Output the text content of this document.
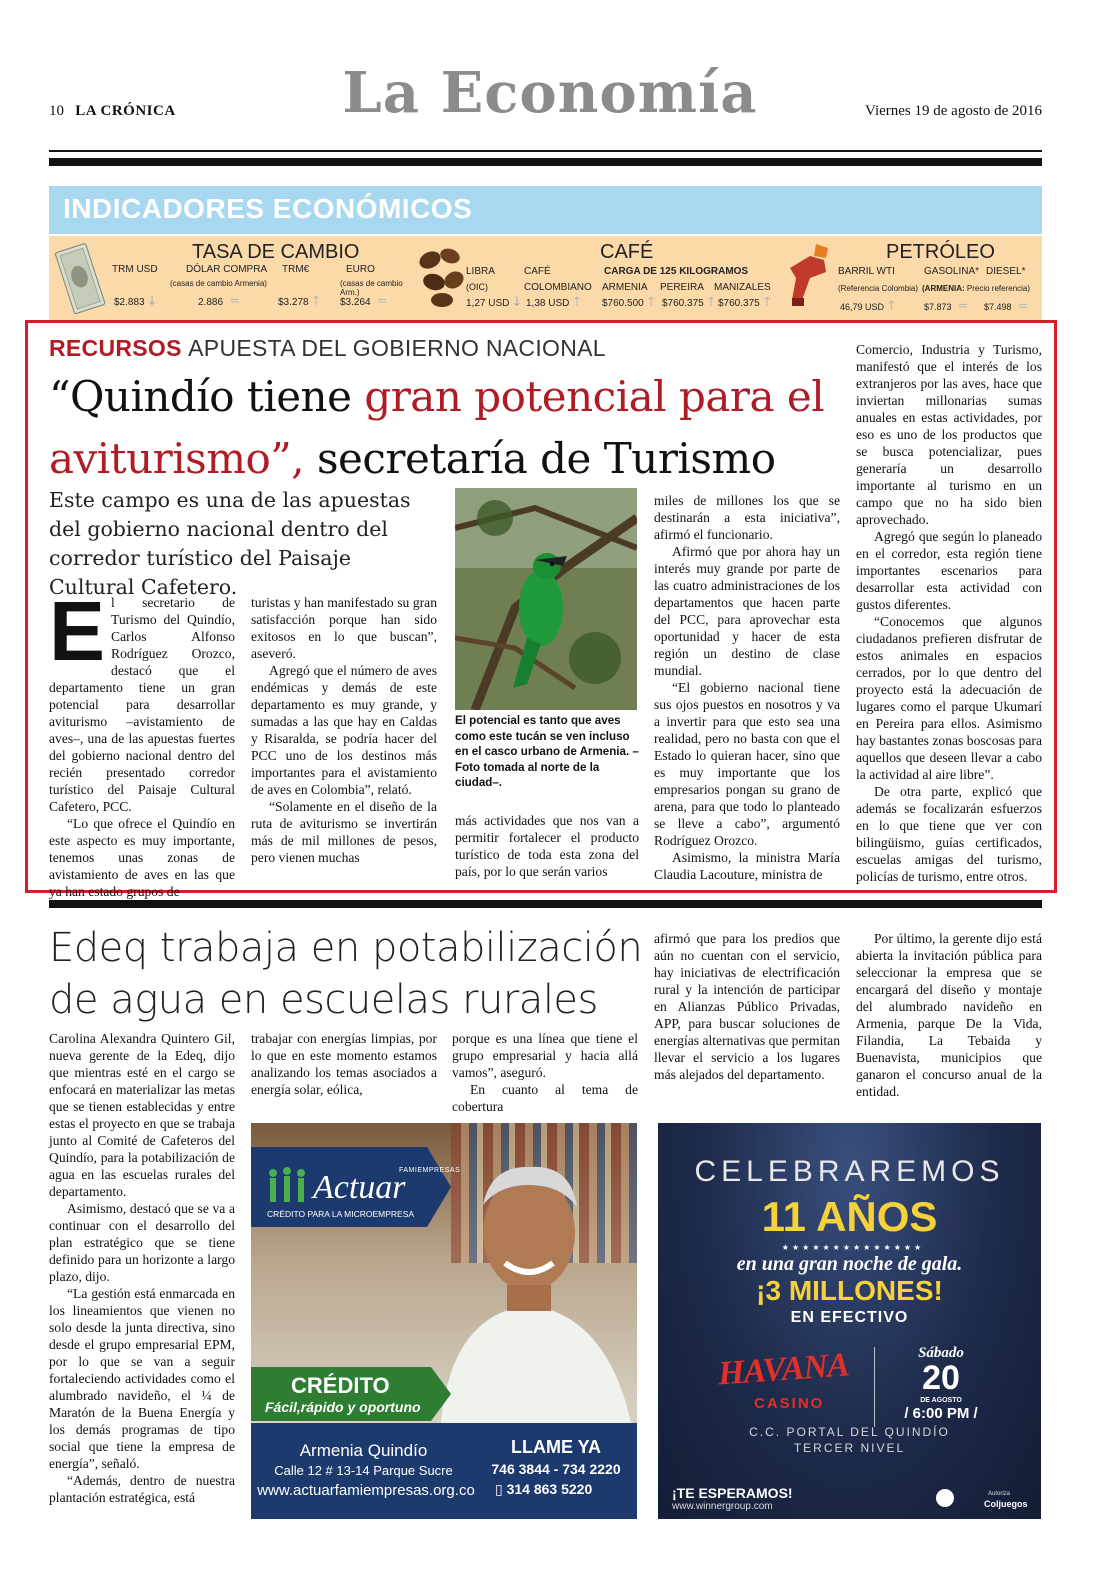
10 LA CRÓNICA	La Economía	Viernes 19 de agosto de 2016
INDICADORES ECONÓMICOS
TASA DE CAMBIO
TRM USD
$2.883 ↓
DÓLAR COMPRA
(casas de cambio Armenia)
2.886 =
TRM€
$3.278 ↑
EURO
(casas de cambio Arm.)
$3.264 =
CAFÉ
LIBRA
(OIC)
1,27 USD ↓
CAFÉ
COLOMBIANO
1,38 USD ↑
CARGA DE 125 KILOGRAMOS
ARMENIA
$760.500 ↑
PEREIRA
$760.375 ↑
MANIZALES
$760.375 ↑
PETRÓLEO
BARRIL WTI
(Referencia Colombia)
46,79 USD ↑
GASOLINA*
(ARMENIA: Precio referencia)
$7.873 =
DIESEL*
$7.498 =
RECURSOS APUESTA DEL GOBIERNO NACIONAL
“Quindío tiene gran potencial para el aviturismo”, secretaría de Turismo
Este campo es una de las apuestas del gobierno nacional dentro del corredor turístico del Paisaje Cultural Cafetero.

El secretario de Turismo del Quindío, Carlos Alfonso Rodríguez Orozco, destacó que el departamento tiene un gran potencial para desarrollar aviturismo –avistamiento de aves–, una de las apuestas fuertes del gobierno nacional dentro del recién presentado corredor turístico del Paisaje Cultural Cafetero, PCC.

“Lo que ofrece el Quindío en este aspecto es muy importante, tenemos unas zonas de avistamiento de aves en las que ya han estado grupos de

turistas y han manifestado su gran satisfacción porque han sido exitosos en lo que buscan”, aseveró.

Agregó que el número de aves endémicas y demás de este departamento es muy grande, y sumadas a las que hay en Caldas y Risaralda, se podría hacer del PCC uno de los destinos más importantes para el avistamiento de aves en Colombia”, relató.

“Solamente en el diseño de la ruta de aviturismo se invertirán más de mil millones de pesos, pero vienen muchas

El potencial es tanto que aves como este tucán se ven incluso en el casco urbano de Armenia. –Foto tomada al norte de la ciudad–.

más actividades que nos van a permitir fortalecer el producto turístico de toda esta zona del país, por lo que serán varios

miles de millones los que se destinarán a esta iniciativa”, afirmó el funcionario.

Afirmó que por ahora hay un interés muy grande por parte de las cuatro administraciones de los departamentos que hacen parte del PCC, para aprovechar esta oportunidad y hacer de esta región un destino de clase mundial.

“El gobierno nacional tiene sus ojos puestos en nosotros y va a invertir para que esto sea una realidad, pero no basta con que el Estado lo quieran hacer, sino que es muy importante que los empresarios pongan su grano de arena, para que todo lo planteado se lleve a cabo”, argumentó Rodríguez Orozco.

Asimismo, la ministra María Claudia Lacouture, ministra de

Comercio, Industria y Turismo, manifestó que el interés de los extranjeros por las aves, hace que inviertan millonarias sumas anuales en estas actividades, por eso es uno de los productos que se busca potencializar, pues generaría un desarrollo importante al turismo en un campo que no ha sido bien aprovechado.

Agregó que según lo planeado en el corredor, esta región tiene importantes escenarios para desarrollar esta actividad con gustos diferentes.

“Conocemos que algunos ciudadanos prefieren disfrutar de estos animales en espacios cerrados, por lo que dentro del proyecto está la adecuación de lugares como el parque Ukumarí en Pereira para ellos. Asimismo hay bastantes zonas boscosas para aquellos que deseen llevar a cabo la actividad al aire libre”.

De otra parte, explicó que además se focalizarán esfuerzos en lo que tiene que ver con bilingüismo, guías certificados, escuelas amigas del turismo, policías de turismo, entre otros.

Edeq trabaja en potabilización de agua en escuelas rurales

Carolina Alexandra Quintero Gil, nueva gerente de la Edeq, dijo que mientras esté en el cargo se enfocará en materializar las metas que se tienen establecidas y entre estas el proyecto en que se trabaja junto al Comité de Cafeteros del Quindío, para la potabilización de agua en las escuelas rurales del departamento.

Asimismo, destacó que se va a continuar con el desarrollo del plan estratégico que se tiene definido para un horizonte a largo plazo, dijo.

“La gestión está enmarcada en los lineamientos que vienen no solo desde la junta directiva, sino desde el grupo empresarial EPM, por lo que se van a seguir fortaleciendo actividades como el alumbrado navideño, el ¼ de Maratón de la Buena Energía y los demás programas de tipo social que tiene la empresa de energía”, señaló.

“Además, dentro de nuestra plantación estratégica, está

trabajar con energías limpias, por lo que en este momento estamos analizando los temas asociados a energía solar, eólica,

porque es una línea que tiene el grupo empresarial y hacia allá vamos”, aseguró.

En cuanto al tema de cobertura

afirmó que para los predios que aún no cuentan con el servicio, hay iniciativas de electrificación rural y la intención de participar en Alianzas Público Privadas, APP, para buscar soluciones de energías alternativas que permitan llevar el servicio a los lugares más alejados del departamento.

Por último, la gerente dijo está abierta la invitación pública para seleccionar la empresa que se encargará del diseño y montaje del alumbrado navideño en Armenia, parque De la Vida, Filandia, La Tebaida y Buenavista, municipios que ganaron el concurso anual de la entidad.

FAMIEMPRESAS
Actuar
CRÉDITO PARA LA MICROEMPRESA
CRÉDITO
Fácil,rápido y oportuno
Armenia Quindío
Calle 12 # 13-14 Parque Sucre
www.actuarfamiempresas.org.co
LLAME YA
746 3844 - 734 2220
▯ 314 863 5220
CELEBRAREMOS
11 AÑOS
★★★★★★★★★★★★★★
en una gran noche de gala.
¡3 MILLONES!
EN EFECTIVO
HAVANA
CASINO
Sábado
20
DE AGOSTO
/ 6:00 PM /
C.C. PORTAL DEL QUINDÍO
TERCER NIVEL
¡TE ESPERAMOS!
www.winnergroup.com
Autoriza
Coljuegos
